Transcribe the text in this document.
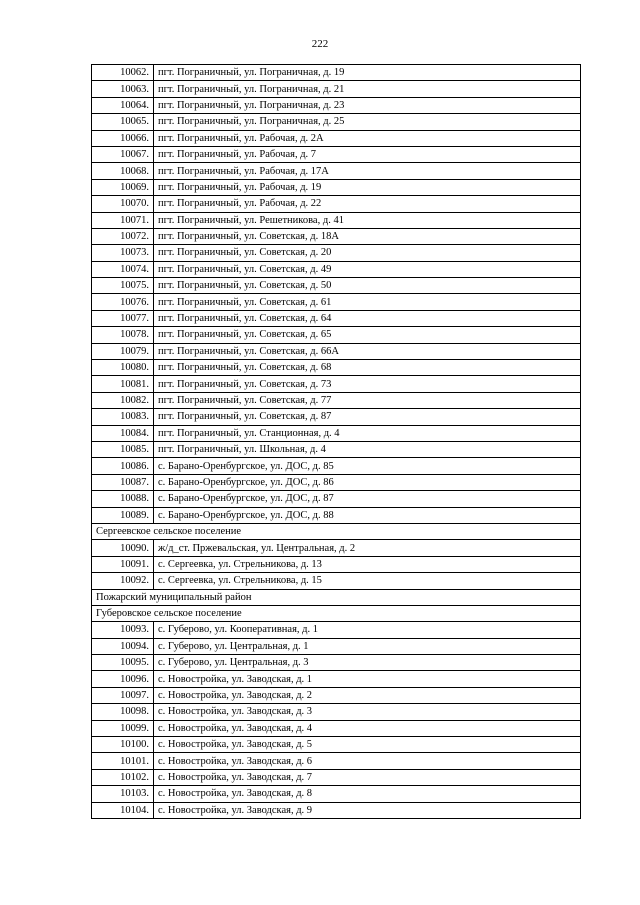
222
10062.	пгт. Пограничный, ул. Пограничная, д. 19
10063.	пгт. Пограничный, ул. Пограничная, д. 21
10064.	пгт. Пограничный, ул. Пограничная, д. 23
10065.	пгт. Пограничный, ул. Пограничная, д. 25
10066.	пгт. Пограничный, ул. Рабочая, д. 2А
10067.	пгт. Пограничный, ул. Рабочая, д. 7
10068.	пгт. Пограничный, ул. Рабочая, д. 17А
10069.	пгт. Пограничный, ул. Рабочая, д. 19
10070.	пгт. Пограничный, ул. Рабочая, д. 22
10071.	пгт. Пограничный, ул. Решетникова, д. 41
10072.	пгт. Пограничный, ул. Советская, д. 18А
10073.	пгт. Пограничный, ул. Советская, д. 20
10074.	пгт. Пограничный, ул. Советская, д. 49
10075.	пгт. Пограничный, ул. Советская, д. 50
10076.	пгт. Пограничный, ул. Советская, д. 61
10077.	пгт. Пограничный, ул. Советская, д. 64
10078.	пгт. Пограничный, ул. Советская, д. 65
10079.	пгт. Пограничный, ул. Советская, д. 66А
10080.	пгт. Пограничный, ул. Советская, д. 68
10081.	пгт. Пограничный, ул. Советская, д. 73
10082.	пгт. Пограничный, ул. Советская, д. 77
10083.	пгт. Пограничный, ул. Советская, д. 87
10084.	пгт. Пограничный, ул. Станционная, д. 4
10085.	пгт. Пограничный, ул. Школьная, д. 4
10086.	с. Барано-Оренбургское, ул. ДОС, д. 85
10087.	с. Барано-Оренбургское, ул. ДОС, д. 86
10088.	с. Барано-Оренбургское, ул. ДОС, д. 87
10089.	с. Барано-Оренбургское, ул. ДОС, д. 88
Сергеевское сельское поселение	
10090.	ж/д_ст. Пржевальская, ул. Центральная, д. 2
10091.	с. Сергеевка, ул. Стрельникова, д. 13
10092.	с. Сергеевка, ул. Стрельникова, д. 15
Пожарский муниципальный район	
Губеровское сельское поселение	
10093.	с. Губерово, ул. Кооперативная, д. 1
10094.	с. Губерово, ул. Центральная, д. 1
10095.	с. Губерово, ул. Центральная, д. 3
10096.	с. Новостройка, ул. Заводская, д. 1
10097.	с. Новостройка, ул. Заводская, д. 2
10098.	с. Новостройка, ул. Заводская, д. 3
10099.	с. Новостройка, ул. Заводская, д. 4
10100.	с. Новостройка, ул. Заводская, д. 5
10101.	с. Новостройка, ул. Заводская, д. 6
10102.	с. Новостройка, ул. Заводская, д. 7
10103.	с. Новостройка, ул. Заводская, д. 8
10104.	с. Новостройка, ул. Заводская, д. 9
